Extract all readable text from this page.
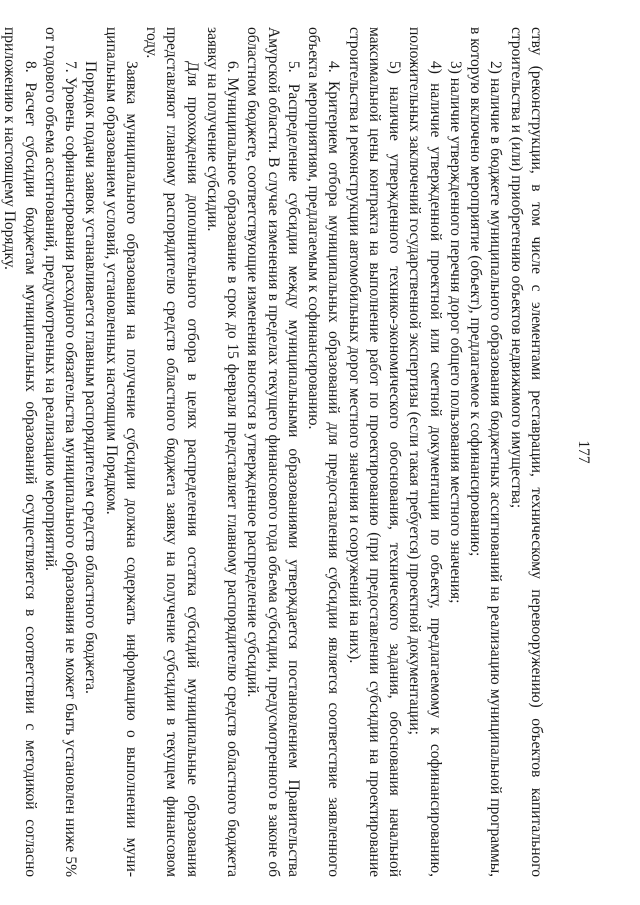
177

ству (реконструкции, в том числе с элементами реставрации, техническому перевооружению) объектов капитального строительства и (или) приобретению объектов недвижимого имущества;

2) наличие в бюджете муниципального образования бюджетных ассигнований на реализацию муниципальной программы, в которую включено мероприятие (объект), предлагаемое к софинансированию;

3) наличие утвержденного перечня дорог общего пользования местного значения;

4) наличие утвержденной проектной или сметной документации по объекту, предлагаемому к софинансированию, положительных заключений государственной экспертизы (если такая требуется) проектной документации;

5) наличие утвержденного технико-экономического обоснования, технического задания, обоснования начальной максимальной цены контракта на выполнение работ по проектированию (при предоставлении субсидии на проектирование строительства и реконструкции автомобильных дорог местного значения и сооружений на них).

4. Критерием отбора муниципальных образований для предоставления субсидии является соответствие заявленного объекта мероприятиям, предлагаемым к софинансированию.

5. Распределение субсидии между муниципальными образованиями утверждается постановлением Правительства Амурской области. В случае изменения в пределах текущего финансового года объема субсидии, предусмотренного в законе об областном бюджете, соответствующие изменения вносятся в утвержденное распределение субсидий.

6. Муниципальное образование в срок до 15 февраля представляет главному распорядителю средств областного бюджета заявку на получение субсидии.

Для прохождения дополнительного отбора в целях распределения остатка субсидий муниципальные образования представляют главному распорядителю средств областного бюджета заявку на получение субсидии в текущем финансовом году.

Заявка муниципального образования на получение субсидии должна содержать информацию о выполнении муниципальным образованием условий, установленных настоящим Порядком.

Порядок подачи заявок устанавливается главным распорядителем средств областного бюджета.

7. Уровень софинансирования расходного обязательства муниципального образования не может быть установлен ниже 5% от годового объема ассигнований, предусмотренных на реализацию мероприятий.

8. Расчет субсидии бюджетам муниципальных образований осуществляется в соответствии с методикой согласно приложению к настоящему Порядку.
